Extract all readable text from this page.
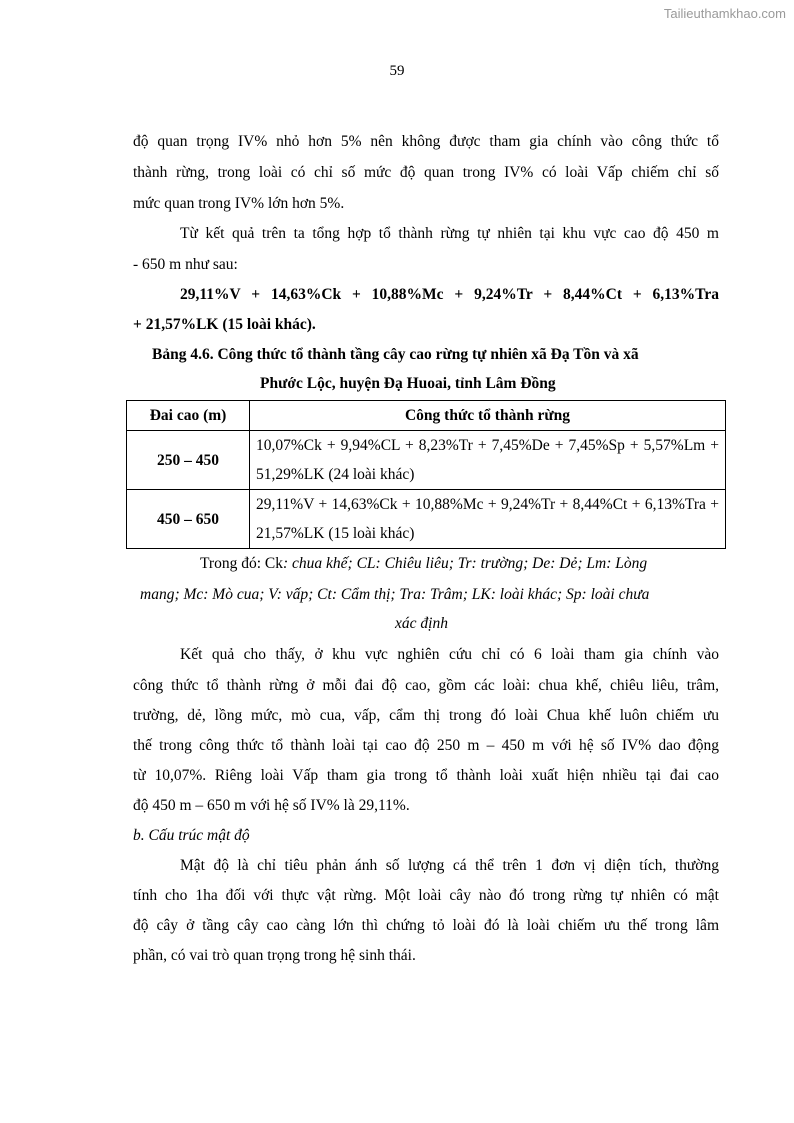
Tailieuthamkhao.com
59
độ quan trọng IV% nhỏ hơn 5% nên không được tham gia chính vào công thức tổ
thành rừng, trong loài có chỉ số mức độ quan trong IV% có loài Vấp chiếm chỉ số
mức quan trong IV% lớn hơn 5%.
Từ kết quả trên ta tổng hợp tổ thành rừng tự nhiên tại khu vực cao độ 450 m
- 650 m như sau:
29,11%V + 14,63%Ck + 10,88%Mc + 9,24%Tr + 8,44%Ct + 6,13%Tra
+ 21,57%LK (15 loài khác).
Bảng 4.6. Công thức tổ thành tầng cây cao rừng tự nhiên xã Đạ Tồn và xã
Phước Lộc, huyện Đạ Huoai, tỉnh Lâm Đồng
Đai cao (m)	Công thức tổ thành rừng
250 – 450	10,07%Ck + 9,94%CL + 8,23%Tr + 7,45%De + 7,45%Sp + 5,57%Lm + 51,29%LK (24 loài khác)
450 – 650	29,11%V + 14,63%Ck + 10,88%Mc + 9,24%Tr + 8,44%Ct + 6,13%Tra + 21,57%LK (15 loài khác)
Trong đó: Ck: chua khế; CL: Chiêu liêu; Tr: trường; De: Dẻ; Lm: Lòng
mang; Mc: Mò cua; V: vấp; Ct: Cẩm thị; Tra: Trâm; LK: loài khác; Sp: loài chưa
xác định
Kết quả cho thấy, ở khu vực nghiên cứu chỉ có 6 loài tham gia chính vào
công thức tổ thành rừng ở mỗi đai độ cao, gồm các loài: chua khế, chiêu liêu, trâm,
trường, dẻ, lồng mức, mò cua, vấp, cẩm thị trong đó loài Chua khế luôn chiếm ưu
thế trong công thức tổ thành loài tại cao độ 250 m – 450 m với hệ số IV% dao động
từ 10,07%. Riêng loài Vấp tham gia trong tổ thành loài xuất hiện nhiều tại đai cao
độ 450 m – 650 m với hệ số IV% là 29,11%.
b. Cấu trúc mật độ
Mật độ là chỉ tiêu phản ánh số lượng cá thể trên 1 đơn vị diện tích, thường
tính cho 1ha đối với thực vật rừng. Một loài cây nào đó trong rừng tự nhiên có mật
độ cây ở tầng cây cao càng lớn thì chứng tỏ loài đó là loài chiếm ưu thế trong lâm
phần, có vai trò quan trọng trong hệ sinh thái.
